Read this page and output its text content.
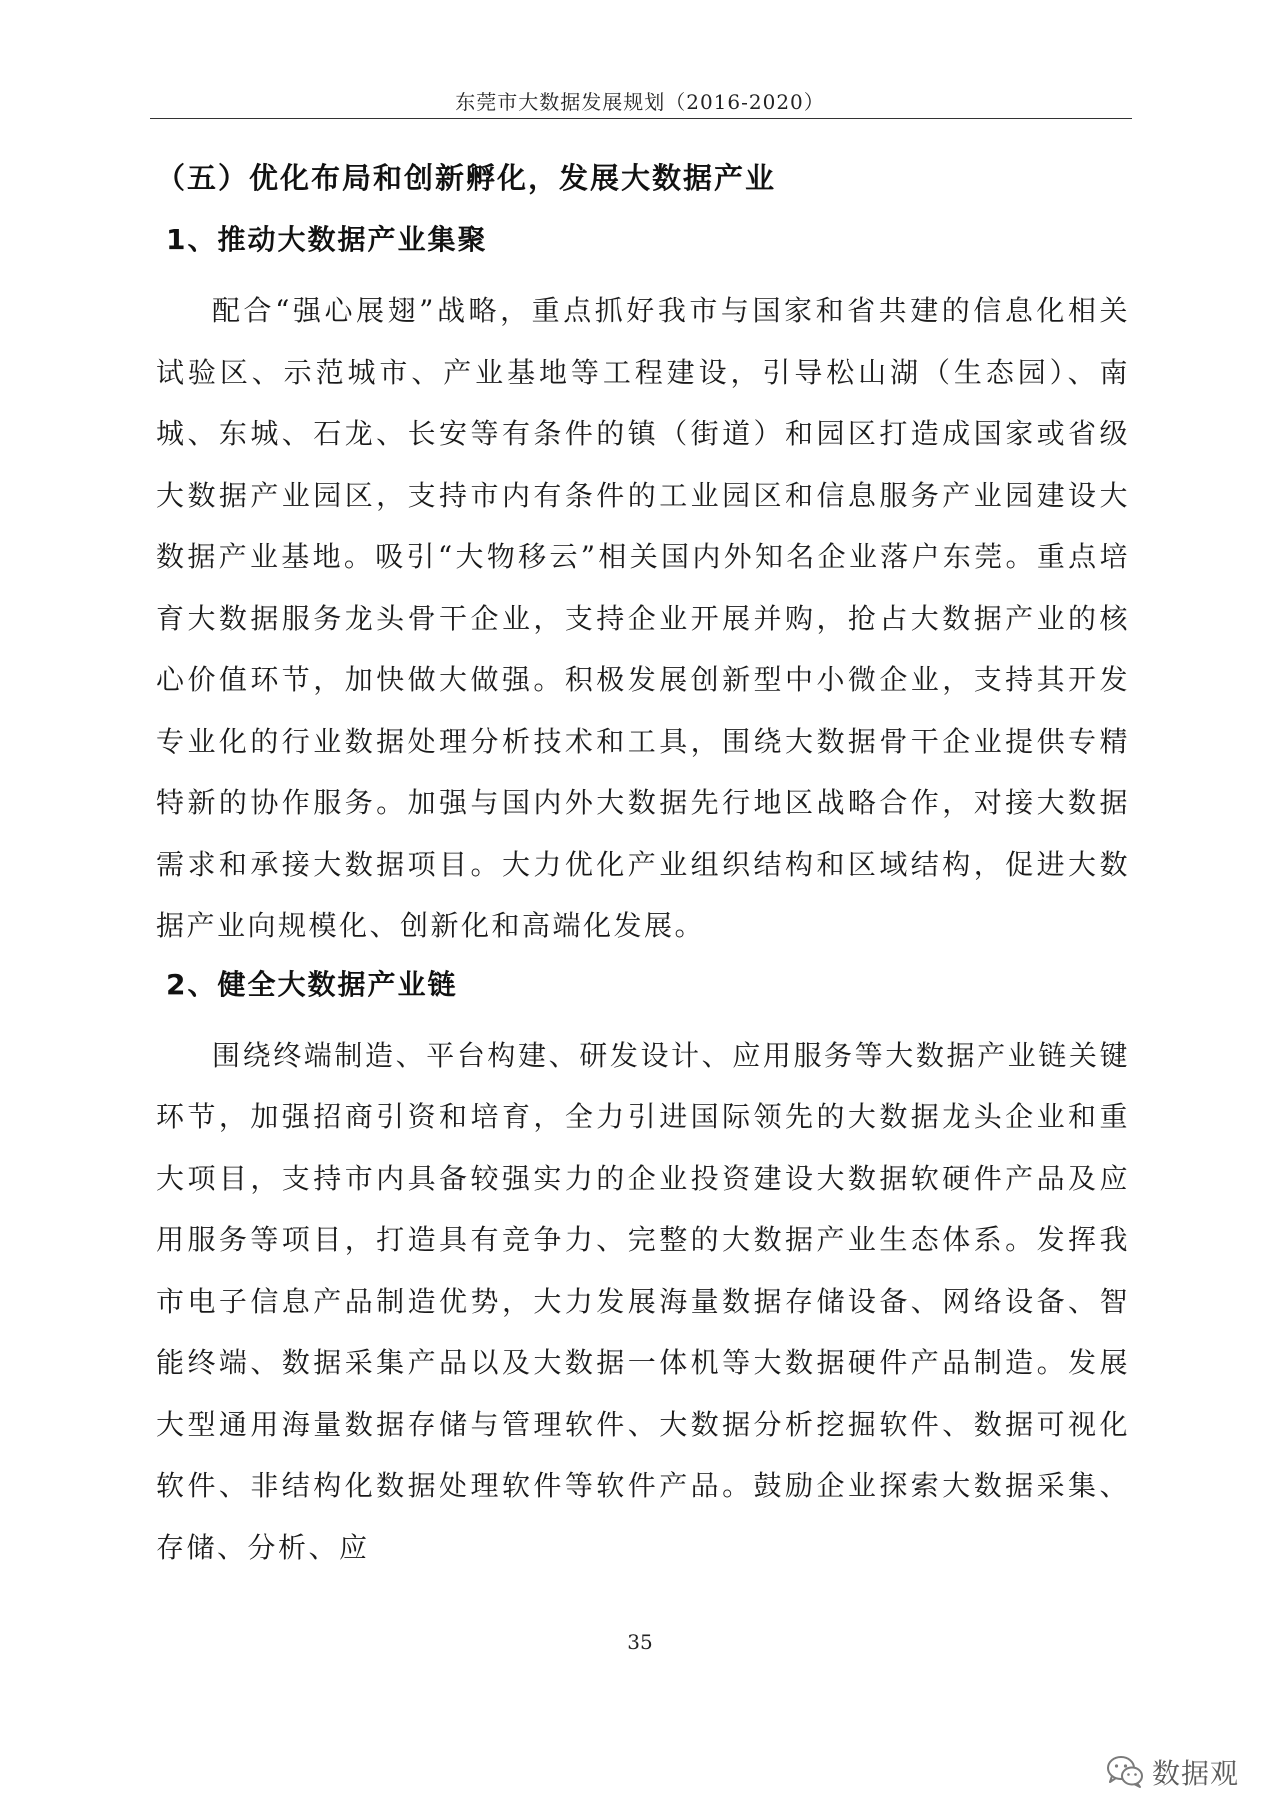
东莞市大数据发展规划（2016-2020）
（五）优化布局和创新孵化，发展大数据产业
1、推动大数据产业集聚

配合“强心展翅”战略，重点抓好我市与国家和省共建的信息化相关试验区、示范城市、产业基地等工程建设，引导松山湖（生态园）、南城、东城、石龙、长安等有条件的镇（街道）和园区打造成国家或省级大数据产业园区，支持市内有条件的工业园区和信息服务产业园建设大数据产业基地。吸引“大物移云”相关国内外知名企业落户东莞。重点培育大数据服务龙头骨干企业，支持企业开展并购，抢占大数据产业的核心价值环节，加快做大做强。积极发展创新型中小微企业，支持其开发专业化的行业数据处理分析技术和工具，围绕大数据骨干企业提供专精特新的协作服务。加强与国内外大数据先行地区战略合作，对接大数据需求和承接大数据项目。大力优化产业组织结构和区域结构，促进大数据产业向规模化、创新化和高端化发展。

2、健全大数据产业链

围绕终端制造、平台构建、研发设计、应用服务等大数据产业链关键环节，加强招商引资和培育，全力引进国际领先的大数据龙头企业和重大项目，支持市内具备较强实力的企业投资建设大数据软硬件产品及应用服务等项目，打造具有竞争力、完整的大数据产业生态体系。发挥我市电子信息产品制造优势，大力发展海量数据存储设备、网络设备、智能终端、数据采集产品以及大数据一体机等大数据硬件产品制造。发展大型通用海量数据存储与管理软件、大数据分析挖掘软件、数据可视化软件、非结构化数据处理软件等软件产品。鼓励企业探索大数据采集、存储、分析、应

35
数据观
